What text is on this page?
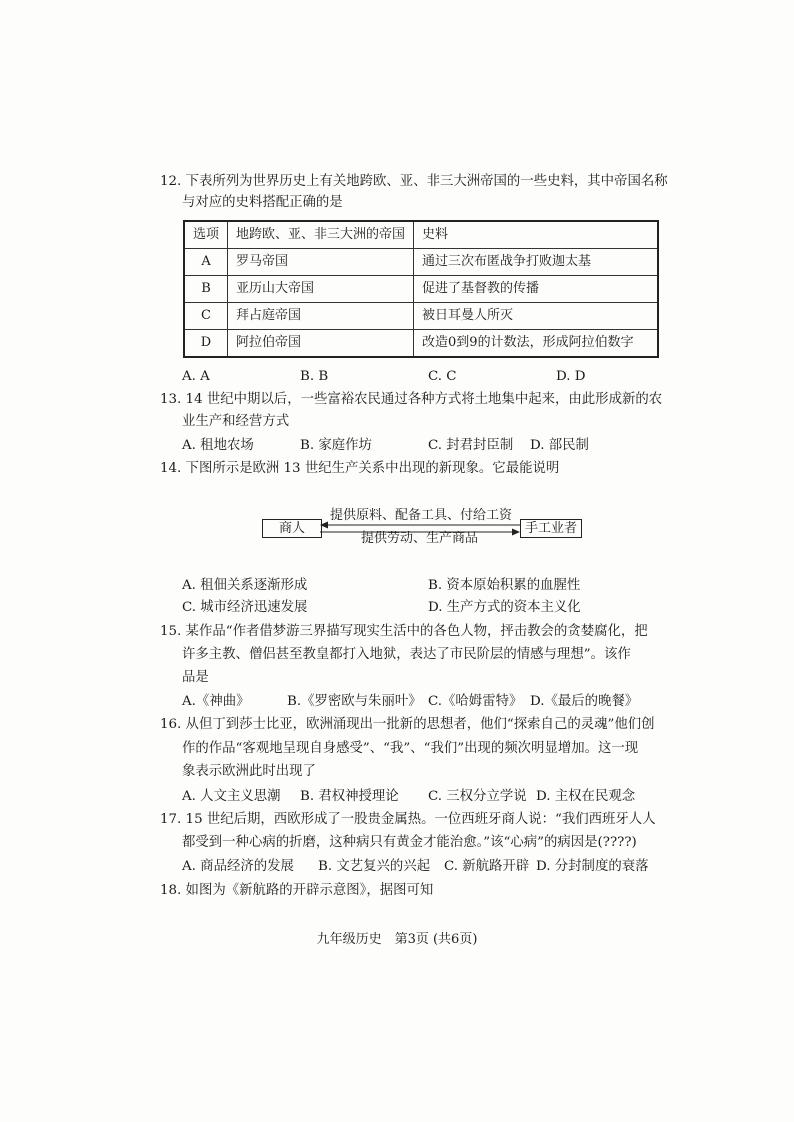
12. 下表所列为世界历史上有关地跨欧、亚、非三大洲帝国的一些史料，其中帝国名称
与对应的史料搭配正确的是
选项	地跨欧、亚、非三大洲的帝国	史料
A	罗马帝国	通过三次布匿战争打败迦太基
B	亚历山大帝国	促进了基督教的传播
C	拜占庭帝国	被日耳曼人所灭
D	阿拉伯帝国	改造0到9的计数法，形成阿拉伯数字
A. A	B. B	C. C	D. D
13. 14 世纪中期以后，一些富裕农民通过各种方式将土地集中起来，由此形成新的农
业生产和经营方式
A. 租地农场	B. 家庭作坊	C. 封君封臣制 D. 部民制
14. 下图所示是欧洲 13 世纪生产关系中出现的新现象。它最能说明
商人	手工业者
提供原料、配备工具、付给工资
提供劳动、生产商品
A. 租佃关系逐渐形成	B. 资本原始积累的血腥性
C. 城市经济迅速发展	D. 生产方式的资本主义化
15. 某作品“作者借梦游三界描写现实生活中的各色人物，抨击教会的贪婪腐化，把
许多主教、僧侣甚至教皇都打入地狱，表达了市民阶层的情感与理想”。该作
品是
A.《神曲》	B.《罗密欧与朱丽叶》 C.《哈姆雷特》 D.《最后的晚餐》
16. 从但丁到莎士比亚，欧洲涌现出一批新的思想者，他们“探索自己的灵魂”他们创
作的作品“客观地呈现自身感受”、“我”、“我们”出现的频次明显增加。这一现
象表示欧洲此时出现了
A. 人文主义思潮 B. 君权神授理论 C. 三权分立学说 D. 主权在民观念
17. 15 世纪后期，西欧形成了一股贵金属热。一位西班牙商人说：“我们西班牙人人
都受到一种心病的折磨，这种病只有黄金才能治愈。”该“心病”的病因是(????)
A. 商品经济的发展 B. 文艺复兴的兴起 C. 新航路开辟 D. 分封制度的衰落
18. 如图为《新航路的开辟示意图》，据图可知
九年级历史　第3页 (共6页)
